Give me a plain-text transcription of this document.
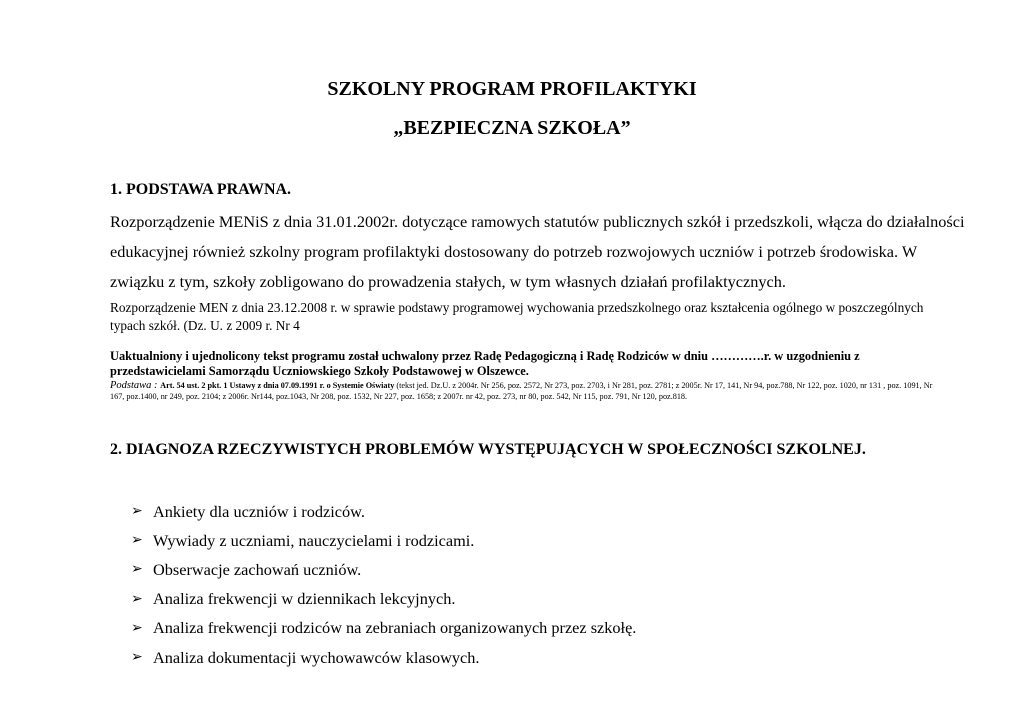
SZKOLNY PROGRAM PROFILAKTYKI
„BEZPIECZNA SZKOŁA”
1. PODSTAWA PRAWNA.

Rozporządzenie MENiS z dnia 31.01.2002r. dotyczące ramowych statutów publicznych szkół i przedszkoli, włącza do działalności edukacyjnej również szkolny program profilaktyki dostosowany do potrzeb rozwojowych uczniów i potrzeb środowiska. W związku z tym, szkoły zobligowano do prowadzenia stałych, w tym własnych działań profilaktycznych.

Rozporządzenie MEN z dnia 23.12.2008 r. w sprawie podstawy programowej wychowania przedszkolnego oraz kształcenia ogólnego w poszczególnych typach szkół. (Dz. U. z 2009 r. Nr 4

Uaktualniony i ujednolicony tekst programu został uchwalony przez Radę Pedagogiczną i Radę Rodziców w dniu ………….r. w uzgodnieniu z przedstawicielami Samorządu Uczniowskiego Szkoły Podstawowej w Olszewce.

Podstawa : Art. 54 ust. 2 pkt. 1 Ustawy z dnia 07.09.1991 r. o Systemie Oświaty (tekst jed. Dz.U. z 2004r. Nr 256, poz. 2572, Nr 273, poz. 2703, i Nr 281, poz. 2781; z 2005r. Nr 17, 141, Nr 94, poz.788, Nr 122, poz. 1020, nr 131 , poz. 1091, Nr 167, poz.1400, nr 249, poz. 2104; z 2006r. Nr144, poz.1043, Nr 208, poz. 1532, Nr 227, poz. 1658; z 2007r. nr 42, poz. 273, nr 80, poz. 542, Nr 115, poz. 791, Nr 120, poz.818.

2. DIAGNOZA RZECZYWISTYCH PROBLEMÓW WYSTĘPUJĄCYCH W SPOŁECZNOŚCI SZKOLNEJ.
➢ Ankiety dla uczniów i rodziców.
➢ Wywiady z uczniami, nauczycielami i rodzicami.
➢ Obserwacje zachowań uczniów.
➢ Analiza frekwencji w dziennikach lekcyjnych.
➢ Analiza frekwencji rodziców na zebraniach organizowanych przez szkołę.
➢ Analiza dokumentacji wychowawców klasowych.
